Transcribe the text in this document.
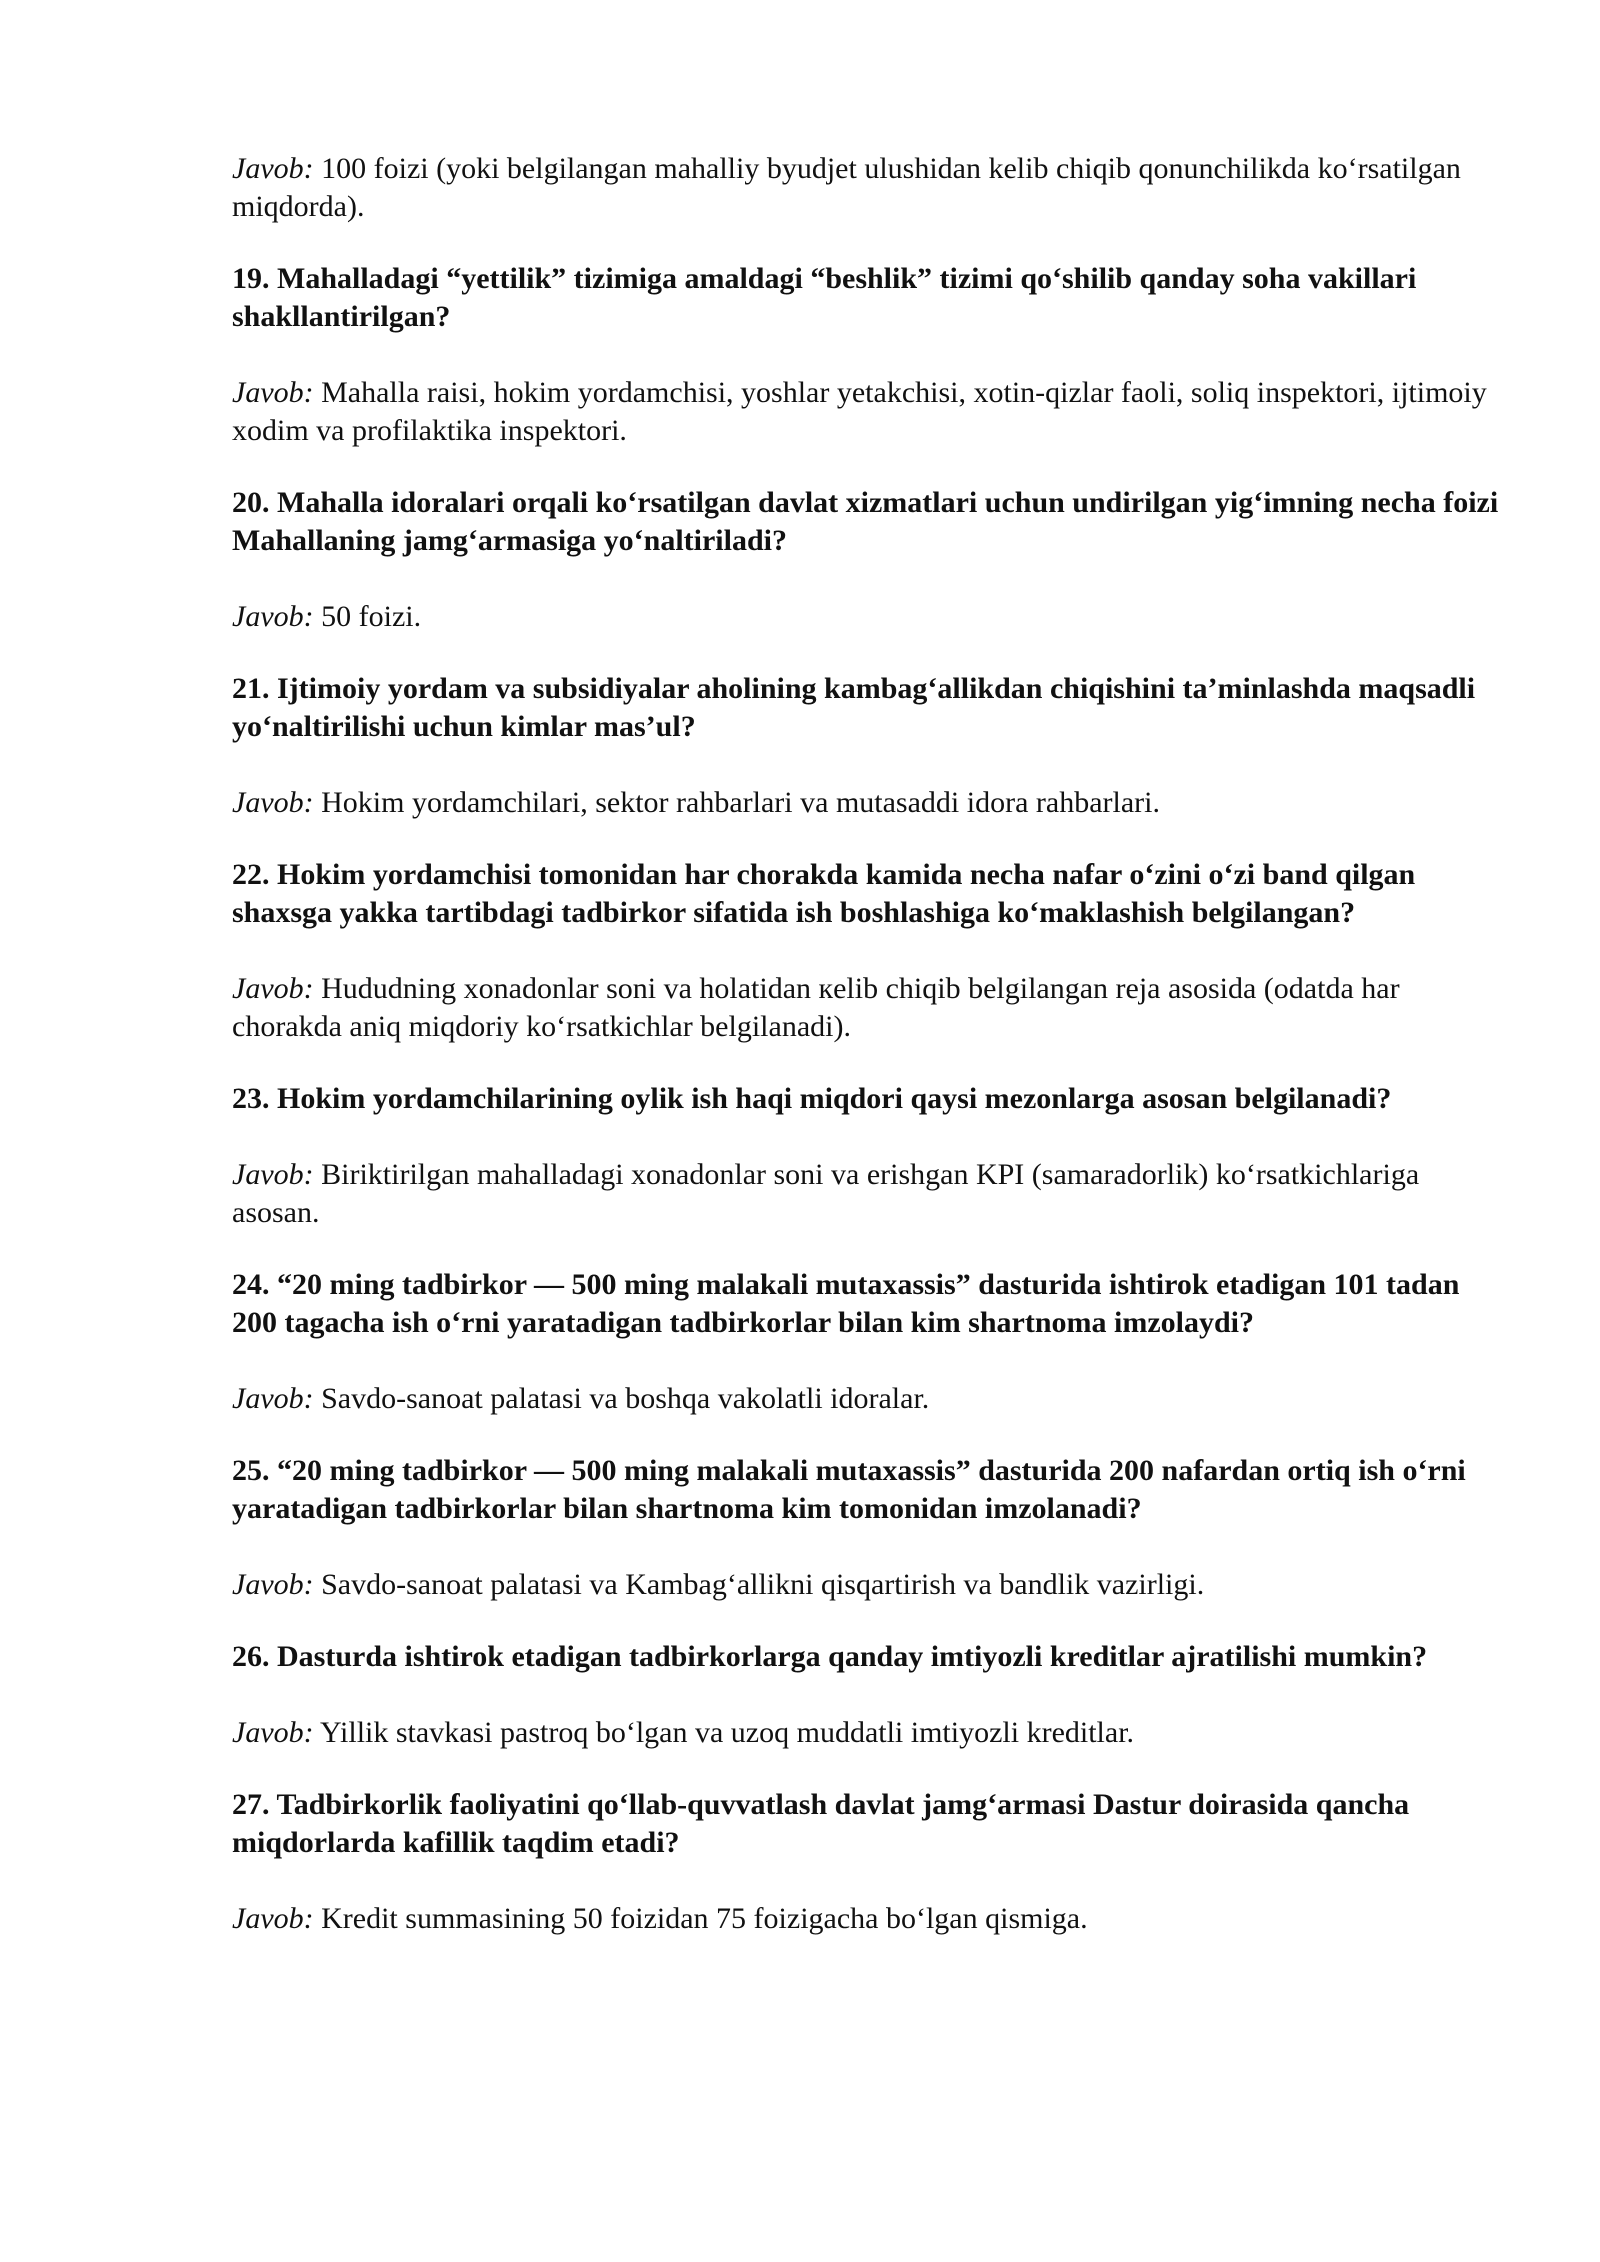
Javob: 100 foizi (yoki belgilangan mahalliy byudjet ulushidan kelib chiqib qonunchilikda ko‘rsatilgan miqdorda).

19. Mahalladagi “yettilik” tizimiga amaldagi “beshlik” tizimi qo‘shilib qanday soha vakillari shakllantirilgan?

Javob: Mahalla raisi, hokim yordamchisi, yoshlar yetakchisi, xotin-qizlar faoli, soliq inspektori, ijtimoiy xodim va profilaktika inspektori.

20. Mahalla idoralari orqali ko‘rsatilgan davlat xizmatlari uchun undirilgan yig‘imning necha foizi Mahallaning jamg‘armasiga yo‘naltiriladi?

Javob: 50 foizi.

21. Ijtimoiy yordam va subsidiyalar aholining kambag‘allikdan chiqishini ta’minlashda maqsadli yo‘naltirilishi uchun kimlar mas’ul?

Javob: Hokim yordamchilari, sektor rahbarlari va mutasaddi idora rahbarlari.

22. Hokim yordamchisi tomonidan har chorakda kamida necha nafar o‘zini o‘zi band qilgan shaxsga yakka tartibdagi tadbirkor sifatida ish boshlashiga ko‘maklashish belgilangan?

Javob: Hududning xonadonlar soni va holatidan кelib chiqib belgilangan reja asosida (odatda har chorakda aniq miqdoriy ko‘rsatkichlar belgilanadi).

23. Hokim yordamchilarining oylik ish haqi miqdori qaysi mezonlarga asosan belgilanadi?

Javob: Biriktirilgan mahalladagi xonadonlar soni va erishgan KPI (samaradorlik) ko‘rsatkichlariga asosan.

24. “20 ming tadbirkor — 500 ming malakali mutaxassis” dasturida ishtirok etadigan 101 tadan 200 tagacha ish o‘rni yaratadigan tadbirkorlar bilan kim shartnoma imzolaydi?

Javob: Savdo-sanoat palatasi va boshqa vakolatli idoralar.

25. “20 ming tadbirkor — 500 ming malakali mutaxassis” dasturida 200 nafardan ortiq ish o‘rni yaratadigan tadbirkorlar bilan shartnoma kim tomonidan imzolanadi?

Javob: Savdo-sanoat palatasi va Kambag‘allikni qisqartirish va bandlik vazirligi.

26. Dasturda ishtirok etadigan tadbirkorlarga qanday imtiyozli kreditlar ajratilishi mumkin?

Javob: Yillik stavkasi pastroq bo‘lgan va uzoq muddatli imtiyozli kreditlar.

27. Tadbirkorlik faoliyatini qo‘llab-quvvatlash davlat jamg‘armasi Dastur doirasida qancha miqdorlarda kafillik taqdim etadi?

Javob: Kredit summasining 50 foizidan 75 foizigacha bo‘lgan qismiga.
